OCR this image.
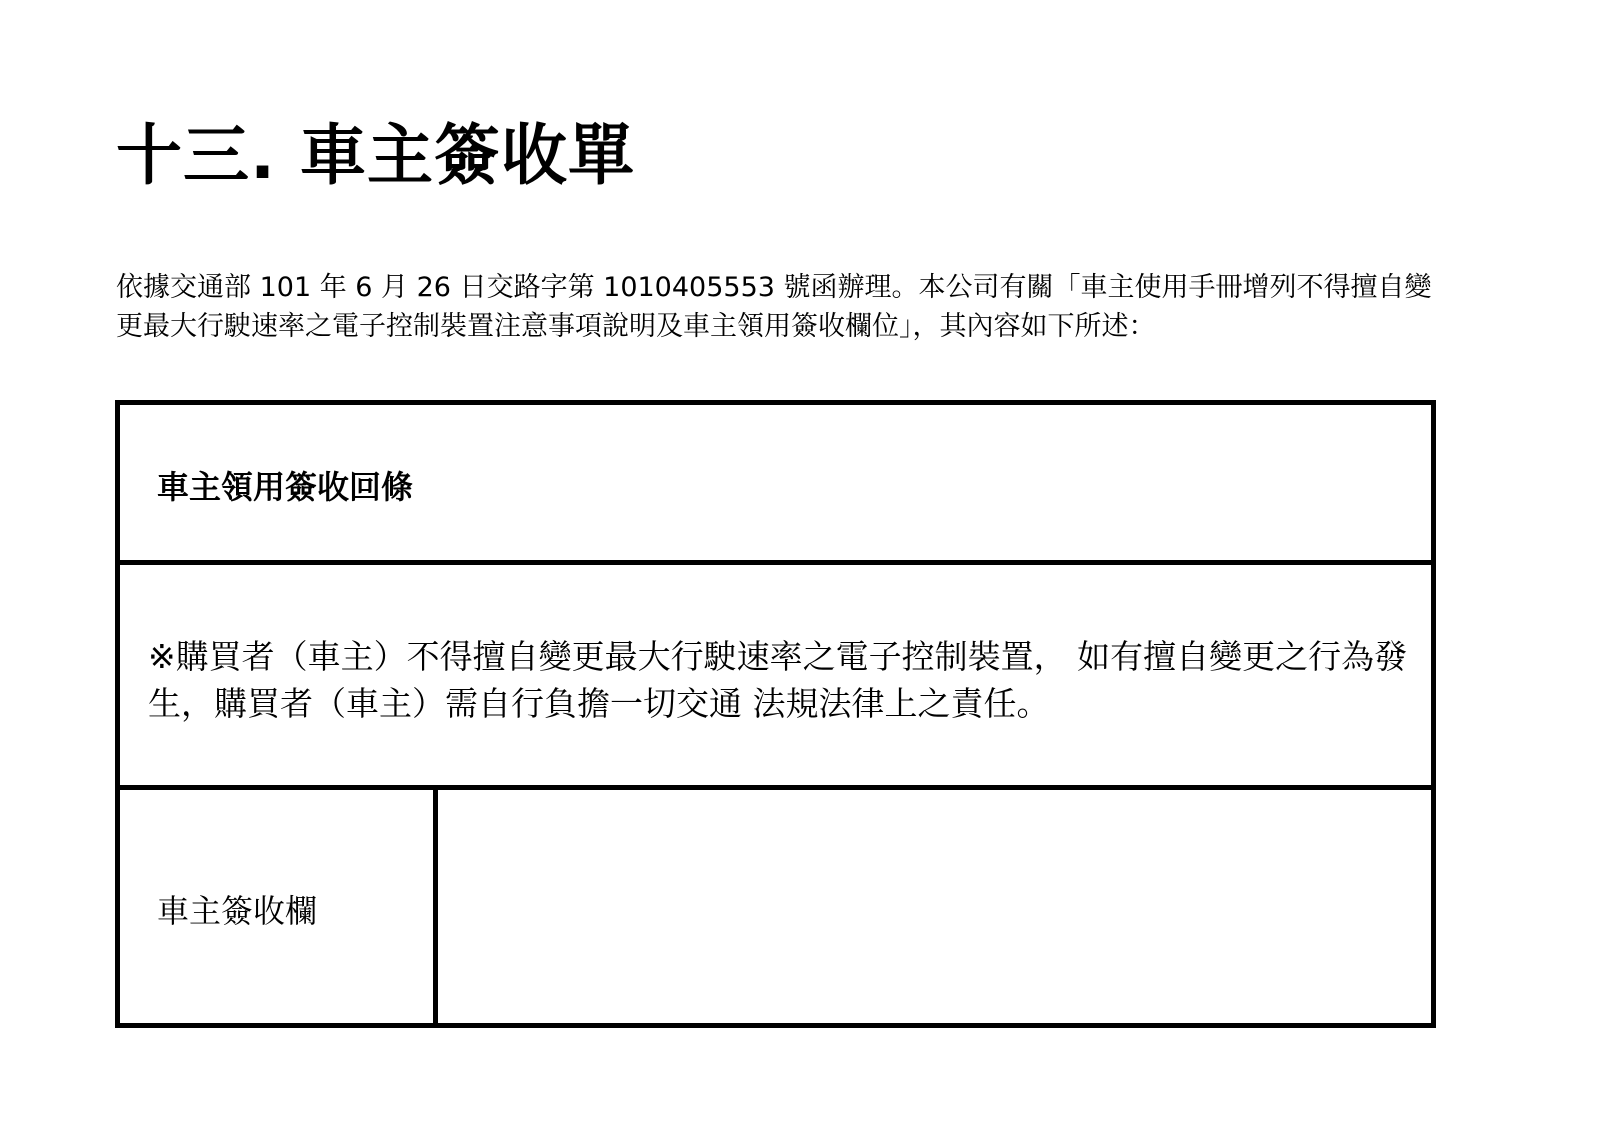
十三. 車主簽收單

依據交通部 101 年 6 月 26 日交路字第 1010405553 號函辦理。本公司有關「車主使用手冊增列不得擅自變更最大行駛速率之電子控制裝置注意事項說明及車主領用簽收欄位」，其內容如下所述：

車主領用簽收回條

※購買者（車主）不得擅自變更最大行駛速率之電子控制裝置， 如有擅自變更之行為發生，購買者（車主）需自行負擔一切交通 法規法律上之責任。

車主簽收欄
